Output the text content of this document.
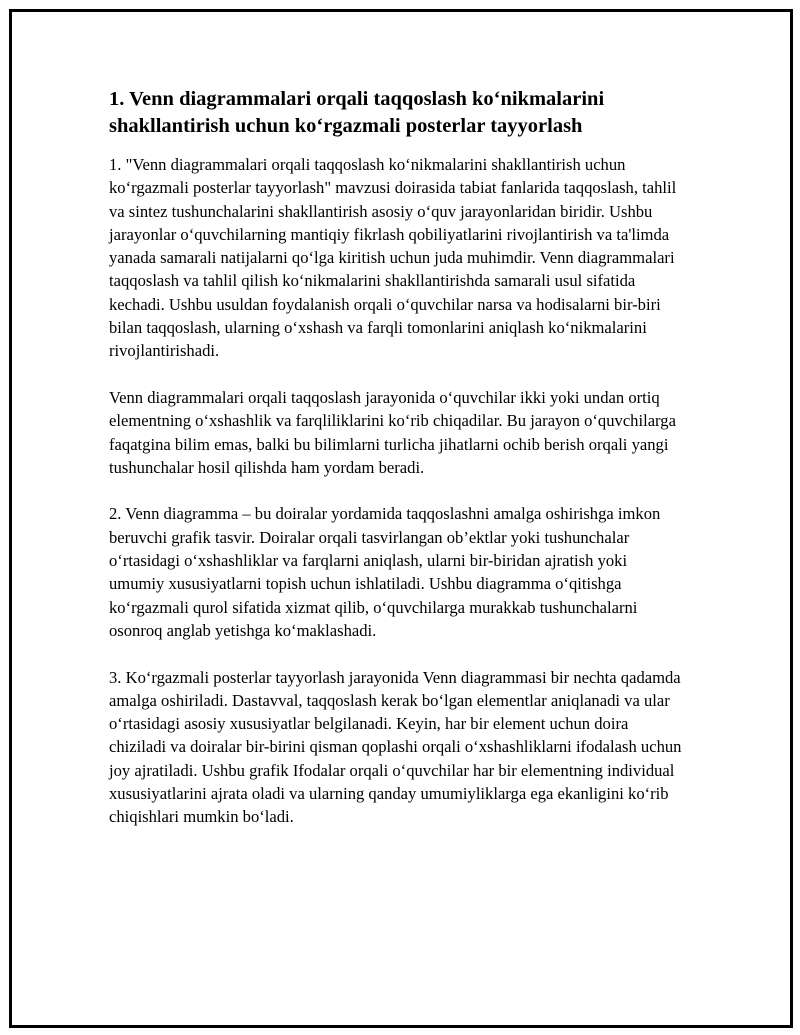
1. Venn diagrammalari orqali taqqoslash ko‘nikmalarini shakllantirish uchun ko‘rgazmali posterlar tayyorlash

1. "Venn diagrammalari orqali taqqoslash ko‘nikmalarini shakllantirish uchun ko‘rgazmali posterlar tayyorlash" mavzusi doirasida tabiat fanlarida taqqoslash, tahlil va sintez tushunchalarini shakllantirish asosiy o‘quv jarayonlaridan biridir. Ushbu jarayonlar o‘quvchilarning mantiqiy fikrlash qobiliyatlarini rivojlantirish va ta'limda yanada samarali natijalarni qo‘lga kiritish uchun juda muhimdir. Venn diagrammalari taqqoslash va tahlil qilish ko‘nikmalarini shakllantirishda samarali usul sifatida kechadi. Ushbu usuldan foydalanish orqali o‘quvchilar narsa va hodisalarni bir-biri bilan taqqoslash, ularning o‘xshash va farqli tomonlarini aniqlash ko‘nikmalarini rivojlantirishadi.

Venn diagrammalari orqali taqqoslash jarayonida o‘quvchilar ikki yoki undan ortiq elementning o‘xshashlik va farqliliklarini ko‘rib chiqadilar. Bu jarayon o‘quvchilarga faqatgina bilim emas, balki bu bilimlarni turlicha jihatlarni ochib berish orqali yangi tushunchalar hosil qilishda ham yordam beradi.

2. Venn diagramma – bu doiralar yordamida taqqoslashni amalga oshirishga imkon beruvchi grafik tasvir. Doiralar orqali tasvirlangan ob’ektlar yoki tushunchalar o‘rtasidagi o‘xshashliklar va farqlarni aniqlash, ularni bir-biridan ajratish yoki umumiy xususiyatlarni topish uchun ishlatiladi. Ushbu diagramma o‘qitishga ko‘rgazmali qurol sifatida xizmat qilib, o‘quvchilarga murakkab tushunchalarni osonroq anglab yetishga ko‘maklashadi.

3. Ko‘rgazmali posterlar tayyorlash jarayonida Venn diagrammasi bir nechta qadamda amalga oshiriladi. Dastavval, taqqoslash kerak bo‘lgan elementlar aniqlanadi va ular o‘rtasidagi asosiy xususiyatlar belgilanadi. Keyin, har bir element uchun doira chiziladi va doiralar bir-birini qisman qoplashi orqali o‘xshashliklarni ifodalash uchun joy ajratiladi. Ushbu grafik Ifodalar orqali o‘quvchilar har bir elementning individual xususiyatlarini ajrata oladi va ularning qanday umumiyliklarga ega ekanligini ko‘rib chiqishlari mumkin bo‘ladi.
